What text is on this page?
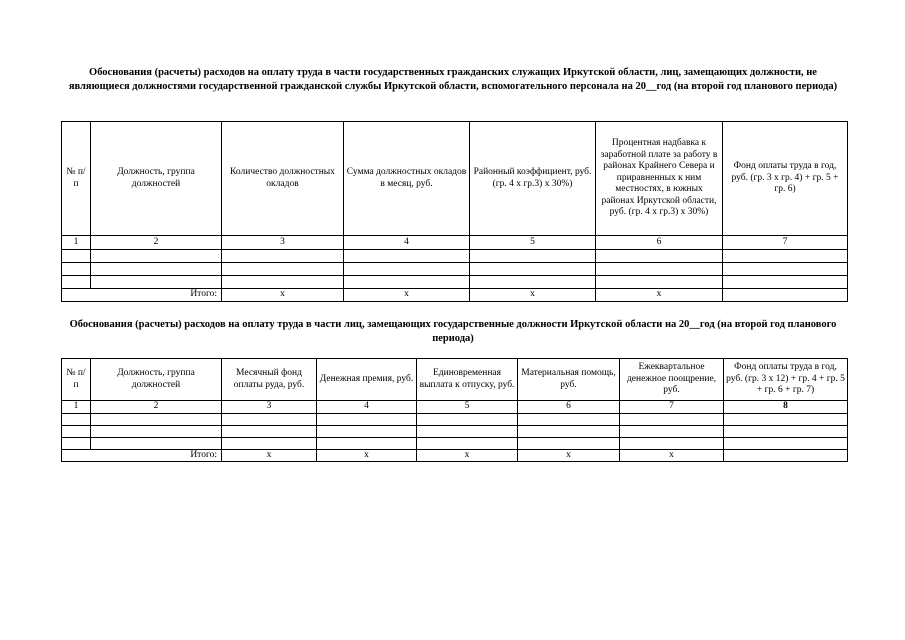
Обоснования (расчеты) расходов на оплату труда в части государственных гражданских служащих Иркутской области, лиц, замещающих должности, не являющиеся должностями государственной гражданской службы Иркутской области, вспомогательного персонала на 20__год (на второй год планового периода)
№ п/п	Должность, группа должностей	Количество должностных окладов	Сумма должностных окладов в месяц, руб.	Районный коэффициент, руб. (гр. 4 х гр.3) х 30%)	Процентная надбавка к заработной плате за работу в районах Крайнего Севера и приравненных к ним местностях, в южных районах Иркутской области, руб. (гр. 4 х гр.3) х 30%)	Фонд оплаты труда в год, руб. (гр. 3 х гр. 4) + гр. 5 + гр. 6)
1	2	3	4	5	6	7

Итого:		х	х	х	х	
Обоснования (расчеты) расходов на оплату труда в части лиц, замещающих государственные должности Иркутской области на 20__год (на второй год планового периода)
№ п/п	Должность, группа должностей	Месячный фонд оплаты руда, руб.	Денежная премия, руб.	Единовременная выплата к отпуску, руб.	Материальная помощь, руб.	Ежеквартальное денежное поощрение, руб.	Фонд оплаты труда в год, руб. (гр. 3 х 12) + гр. 4 + гр. 5 + гр. 6 + гр. 7)
1	2	3	4	5	6	7	8

Итого:		х	х	х	х	х	
